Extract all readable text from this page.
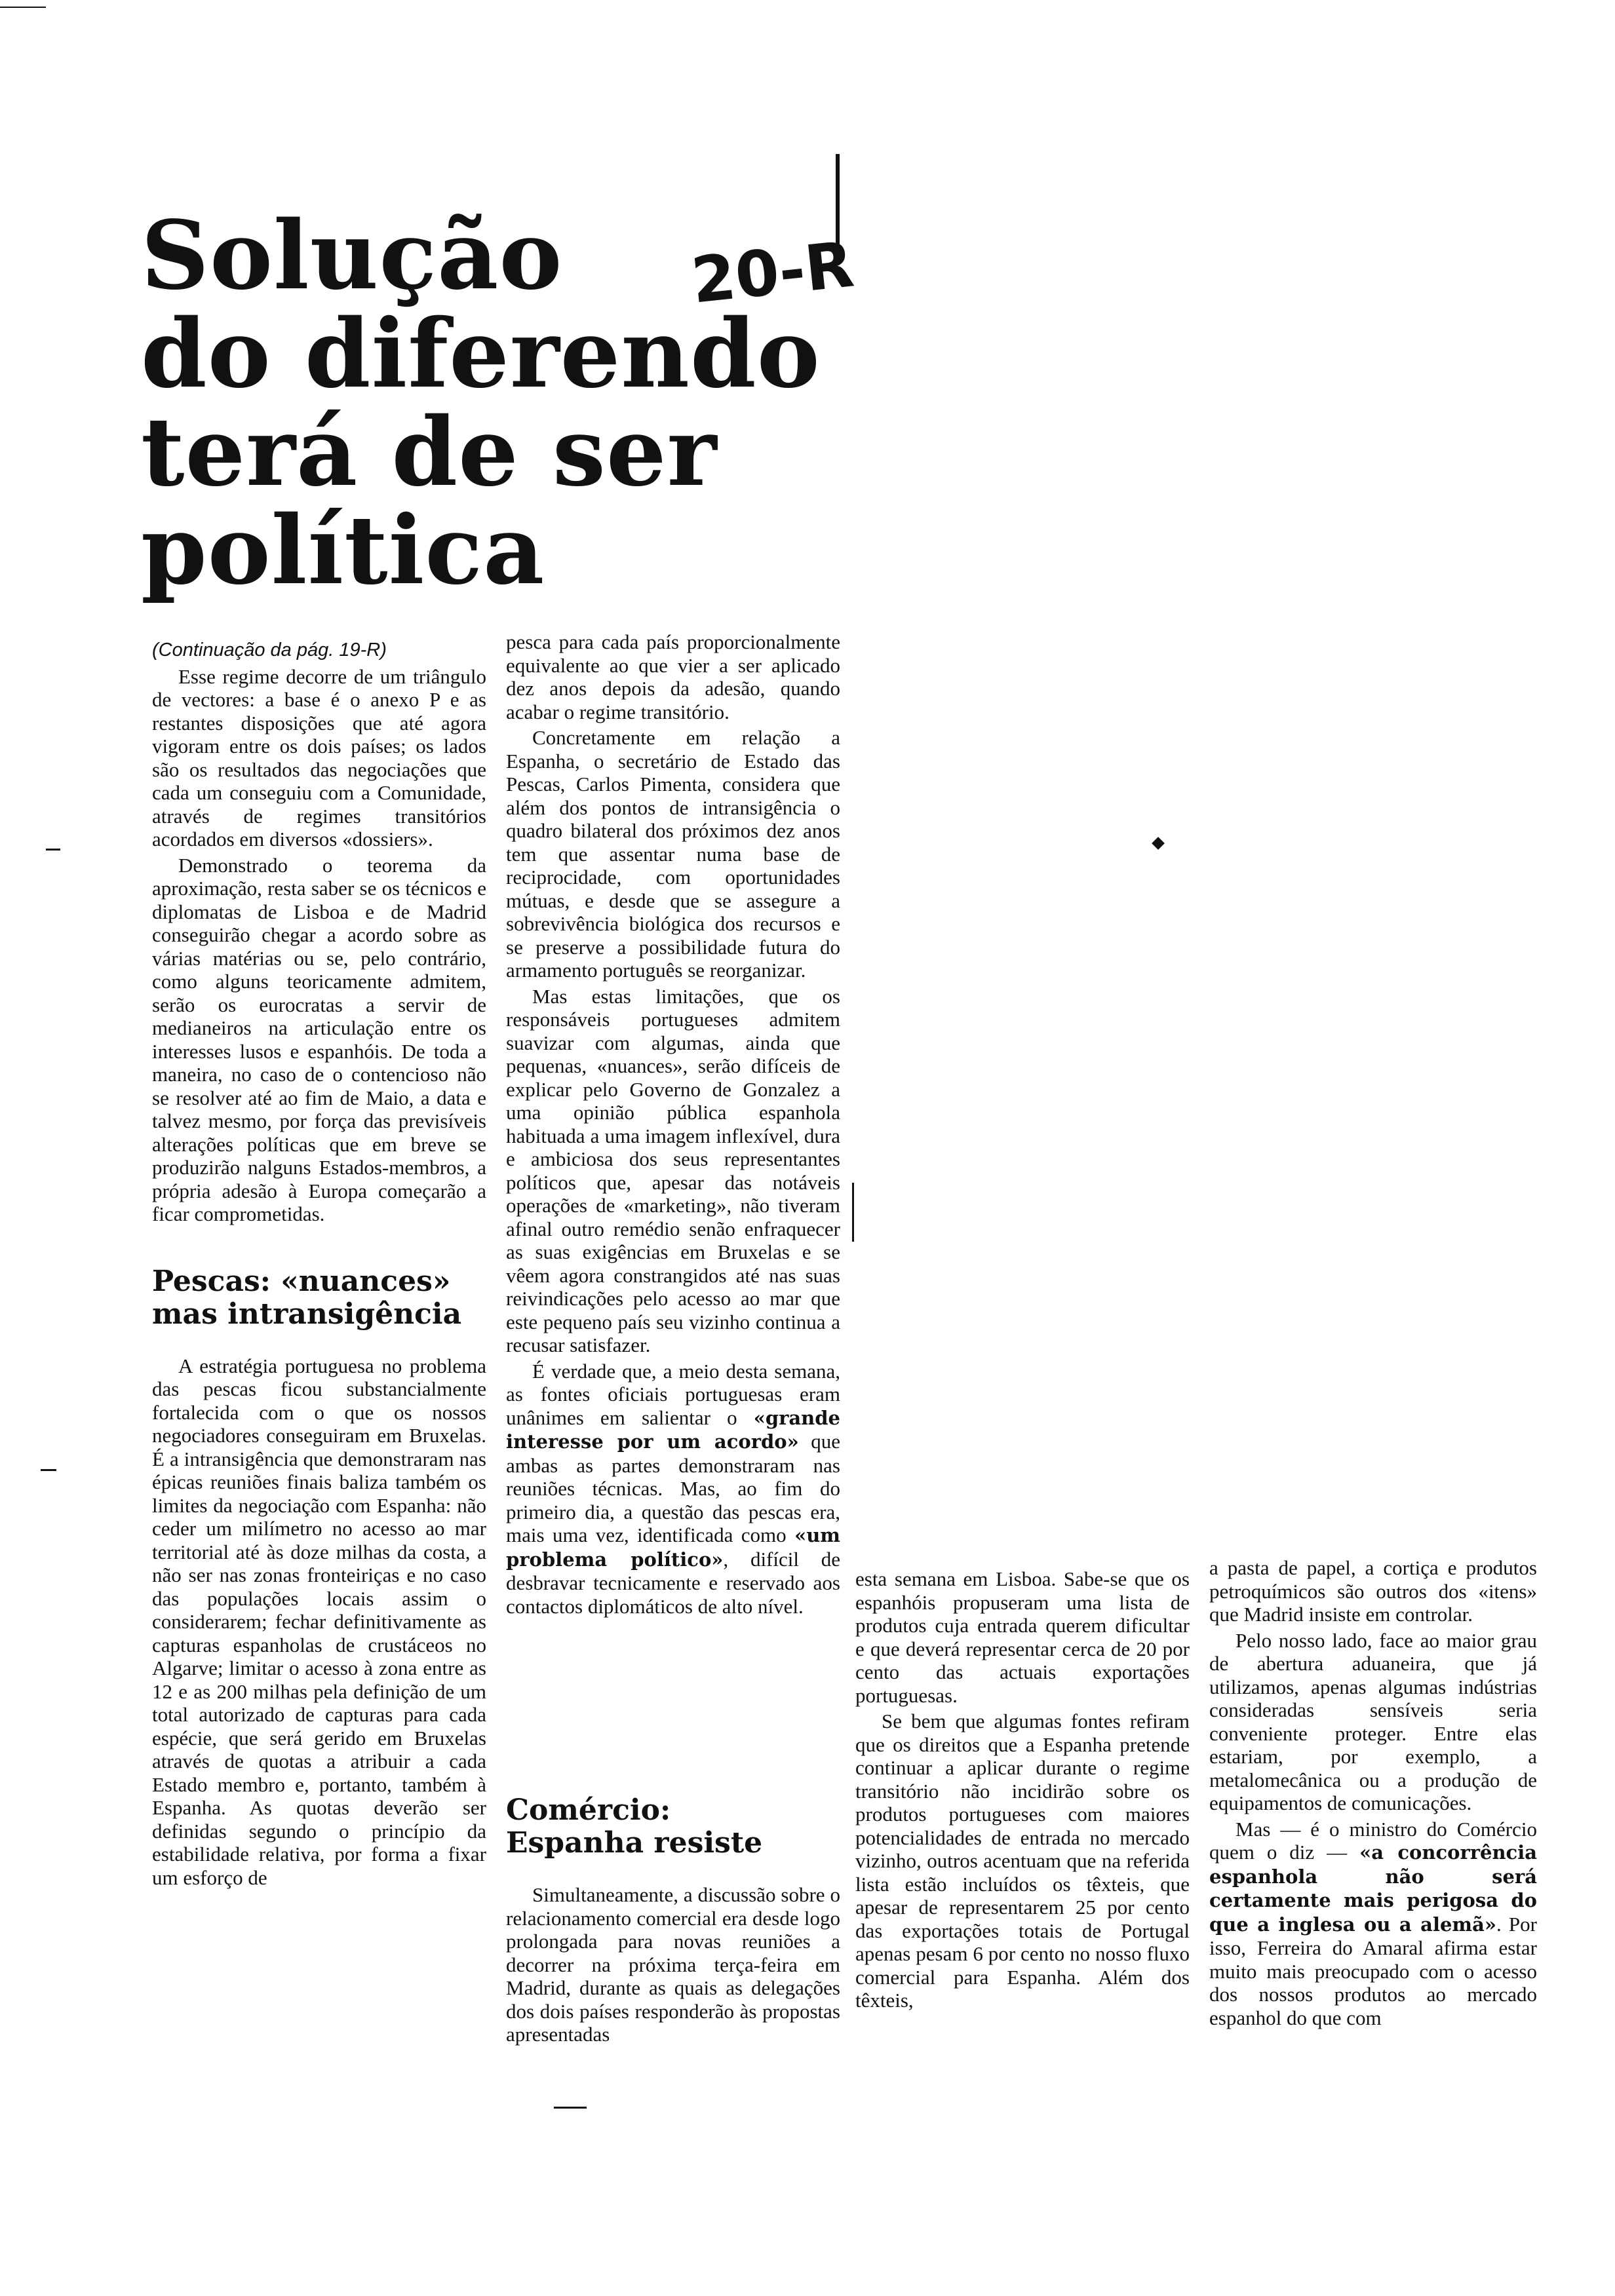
Solução
do diferendo
terá de ser
política
20-R

(Continuação da pág. 19-R)

Esse regime decorre de um triângulo de vectores: a base é o anexo P e as restantes disposições que até agora vigoram entre os dois países; os lados são os resultados das negociações que cada um conseguiu com a Comunidade, através de regimes transitórios acordados em diversos «dossiers».

Demonstrado o teorema da aproximação, resta saber se os técnicos e diplomatas de Lisboa e de Madrid conseguirão chegar a acordo sobre as várias matérias ou se, pelo contrário, como alguns teoricamente admitem, serão os eurocratas a servir de medianeiros na articulação entre os interesses lusos e espanhóis. De toda a maneira, no caso de o contencioso não se resolver até ao fim de Maio, a data e talvez mesmo, por força das previsíveis alterações políticas que em breve se produzirão nalguns Estados-membros, a própria adesão à Europa começarão a ficar comprometidas.

Pescas: «nuances»
mas intransigência

A estratégia portuguesa no problema das pescas ficou substancialmente fortalecida com o que os nossos negociadores conseguiram em Bruxelas. É a intransigência que demonstraram nas épicas reuniões finais baliza também os limites da negociação com Espanha: não ceder um milímetro no acesso ao mar territorial até às doze milhas da costa, a não ser nas zonas fronteiriças e no caso das populações locais assim o considerarem; fechar definitivamente as capturas espanholas de crustáceos no Algarve; limitar o acesso à zona entre as 12 e as 200 milhas pela definição de um total autorizado de capturas para cada espécie, que será gerido em Bruxelas através de quotas a atribuir a cada Estado membro e, portanto, também à Espanha. As quotas deverão ser definidas segundo o princípio da estabilidade relativa, por forma a fixar um esforço de

pesca para cada país proporcionalmente equivalente ao que vier a ser aplicado dez anos depois da adesão, quando acabar o regime transitório.

Concretamente em relação a Espanha, o secretário de Estado das Pescas, Carlos Pimenta, considera que além dos pontos de intransigência o quadro bilateral dos próximos dez anos tem que assentar numa base de reciprocidade, com oportunidades mútuas, e desde que se assegure a sobrevivência biológica dos recursos e se preserve a possibilidade futura do armamento português se reorganizar.

Mas estas limitações, que os responsáveis portugueses admitem suavizar com algumas, ainda que pequenas, «nuances», serão difíceis de explicar pelo Governo de Gonzalez a uma opinião pública espanhola habituada a uma imagem inflexível, dura e ambiciosa dos seus representantes políticos que, apesar das notáveis operações de «marketing», não tiveram afinal outro remédio senão enfraquecer as suas exigências em Bruxelas e se vêem agora constrangidos até nas suas reivindicações pelo acesso ao mar que este pequeno país seu vizinho continua a recusar satisfazer.

É verdade que, a meio desta semana, as fontes oficiais portuguesas eram unânimes em salientar o «grande interesse por um acordo» que ambas as partes demonstraram nas reuniões técnicas. Mas, ao fim do primeiro dia, a questão das pescas era, mais uma vez, identificada como «um problema político», difícil de desbravar tecnicamente e reservado aos contactos diplomáticos de alto nível.

Comércio:
Espanha resiste

Simultaneamente, a discussão sobre o relacionamento comercial era desde logo prolongada para novas reuniões a decorrer na próxima terça-feira em Madrid, durante as quais as delegações dos dois países responderão às propostas apresentadas

esta semana em Lisboa. Sabe-se que os espanhóis propuseram uma lista de produtos cuja entrada querem dificultar e que deverá representar cerca de 20 por cento das actuais exportações portuguesas.

Se bem que algumas fontes refiram que os direitos que a Espanha pretende continuar a aplicar durante o regime transitório não incidirão sobre os produtos portugueses com maiores potencialidades de entrada no mercado vizinho, outros acentuam que na referida lista estão incluídos os têxteis, que apesar de representarem 25 por cento das exportações totais de Portugal apenas pesam 6 por cento no nosso fluxo comercial para Espanha. Além dos têxteis,

a pasta de papel, a cortiça e produtos petroquímicos são outros dos «itens» que Madrid insiste em controlar.

Pelo nosso lado, face ao maior grau de abertura aduaneira, que já utilizamos, apenas algumas indústrias consideradas sensíveis seria conveniente proteger. Entre elas estariam, por exemplo, a metalomecânica ou a produção de equipamentos de comunicações.

Mas — é o ministro do Comércio quem o diz — «a concorrência espanhola não será certamente mais perigosa do que a inglesa ou a alemã». Por isso, Ferreira do Amaral afirma estar muito mais preocupado com o acesso dos nossos produtos ao mercado espanhol do que com
